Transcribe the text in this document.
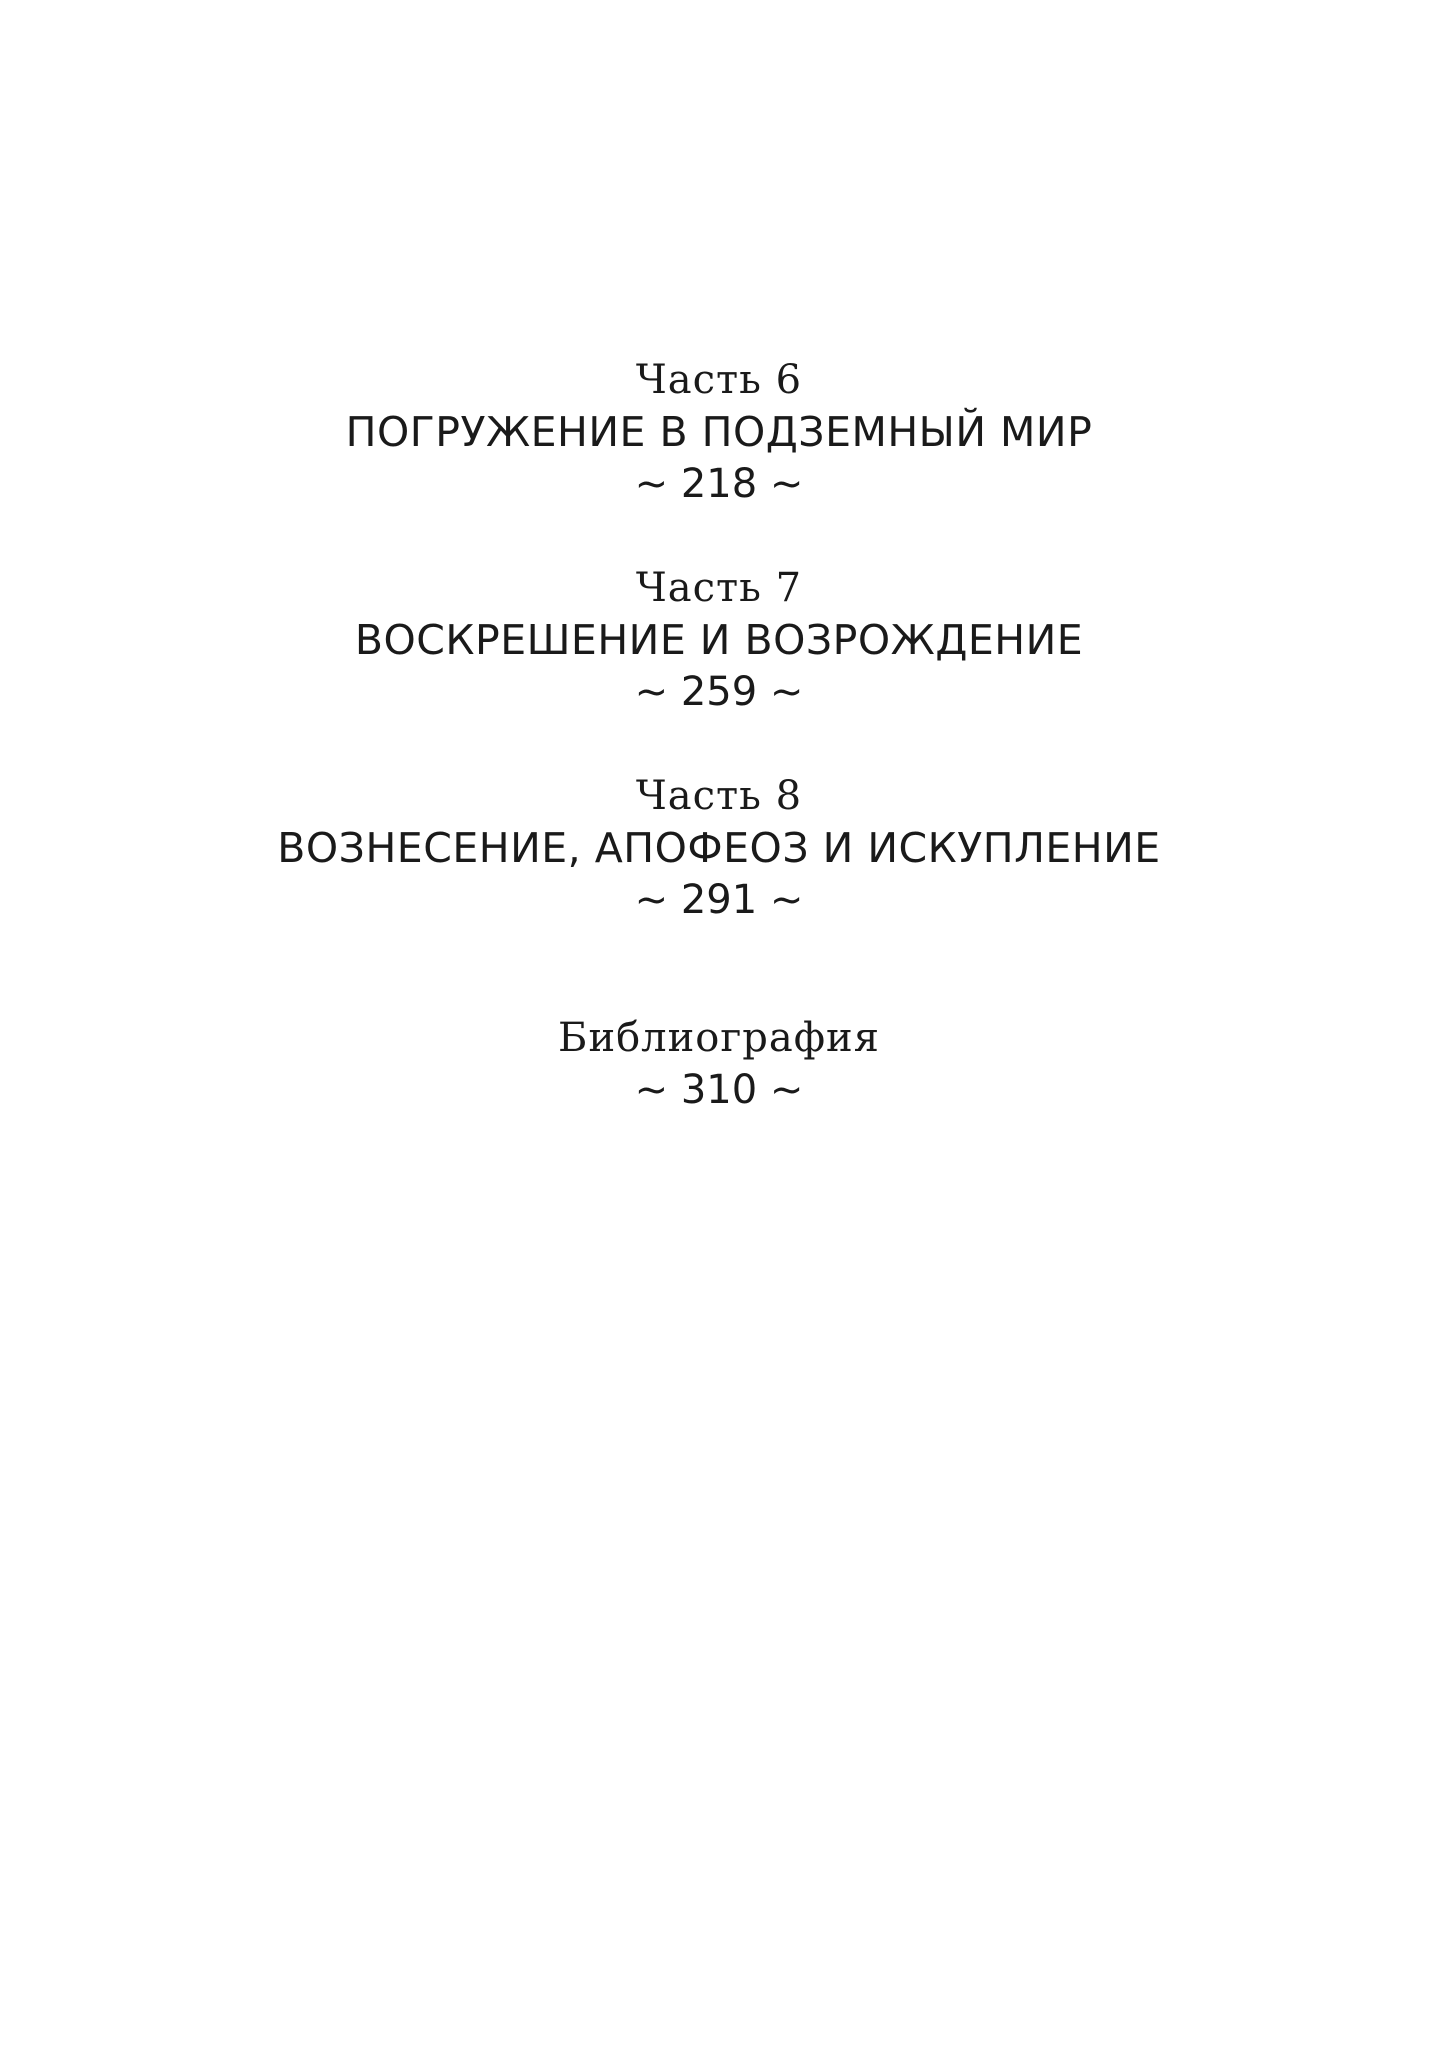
Часть 6
ПОГРУЖЕНИЕ В ПОДЗЕМНЫЙ МИР
~ 218 ~
Часть 7
ВОСКРЕШЕНИЕ И ВОЗРОЖДЕНИЕ
~ 259 ~
Часть 8
ВОЗНЕСЕНИЕ, АПОФЕОЗ И ИСКУПЛЕНИЕ
~ 291 ~
Библиография
~ 310 ~
